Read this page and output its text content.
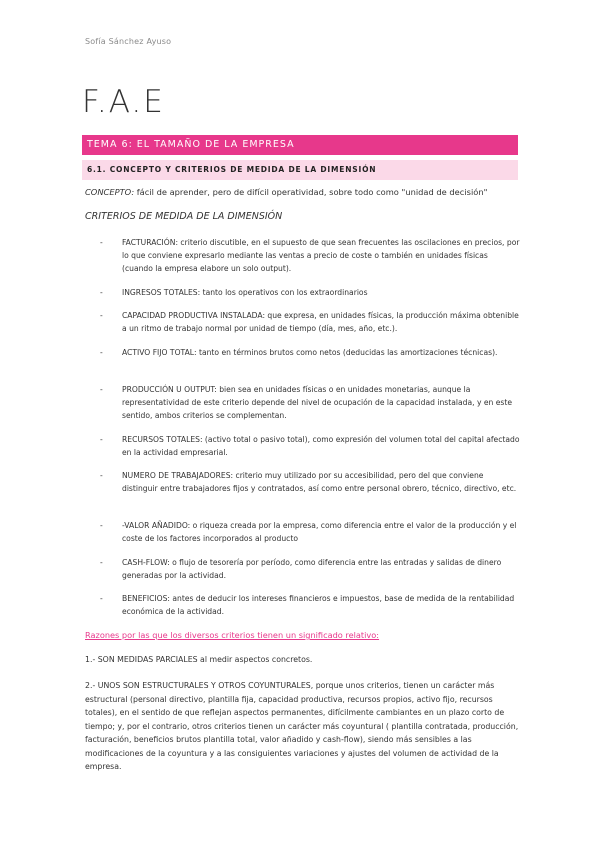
Sofía Sánchez Ayuso
F.A.E
TEMA 6: EL TAMAÑO DE LA EMPRESA
6.1. CONCEPTO Y CRITERIOS DE MEDIDA DE LA DIMENSIÓN
CONCEPTO: fácil de aprender, pero de difícil operatividad, sobre todo como "unidad de decisión"
CRITERIOS DE MEDIDA DE LA DIMENSIÓN
-	FACTURACIÓN: criterio discutible, en el supuesto de que sean frecuentes las oscilaciones en precios, por lo que conviene expresarlo mediante las ventas a precio de coste o también en unidades físicas (cuando la empresa elabore un solo output).
-	INGRESOS TOTALES: tanto los operativos con los extraordinarios
-	CAPACIDAD PRODUCTIVA INSTALADA: que expresa, en unidades físicas, la producción máxima obtenible a un ritmo de trabajo normal por unidad de tiempo (día, mes, año, etc.).
-	ACTIVO FIJO TOTAL: tanto en términos brutos como netos (deducidas las amortizaciones técnicas).
-	PRODUCCIÓN U OUTPUT: bien sea en unidades físicas o en unidades monetarias, aunque la representatividad de este criterio depende del nivel de ocupación de la capacidad instalada, y en este sentido, ambos criterios se complementan.
-	RECURSOS TOTALES: (activo total o pasivo total), como expresión del volumen total del capital afectado en la actividad empresarial.
-	NUMERO DE TRABAJADORES: criterio muy utilizado por su accesibilidad, pero del que conviene distinguir entre trabajadores fijos y contratados, así como entre personal obrero, técnico, directivo, etc.
-	-VALOR AÑADIDO: o riqueza creada por la empresa, como diferencia entre el valor de la producción y el coste de los factores incorporados al producto
-	CASH-FLOW: o flujo de tesorería por período, como diferencia entre las entradas y salidas de dinero generadas por la actividad.
-	BENEFICIOS: antes de deducir los intereses financieros e impuestos, base de medida de la rentabilidad económica de la actividad.
Razones por las que los diversos criterios tienen un significado relativo:
1.- SON MEDIDAS PARCIALES al medir aspectos concretos.
2.- UNOS SON ESTRUCTURALES Y OTROS COYUNTURALES, porque unos criterios, tienen un carácter más estructural (personal directivo, plantilla fija, capacidad productiva, recursos propios, activo fijo, recursos totales), en el sentido de que reflejan aspectos permanentes, difícilmente cambiantes en un plazo corto de tiempo; y, por el contrario, otros criterios tienen un carácter más coyuntural ( plantilla contratada, producción, facturación, beneficios brutos plantilla total, valor añadido y cash-flow), siendo más sensibles a las modificaciones de la coyuntura y a las consiguientes variaciones y ajustes del volumen de actividad de la empresa.
